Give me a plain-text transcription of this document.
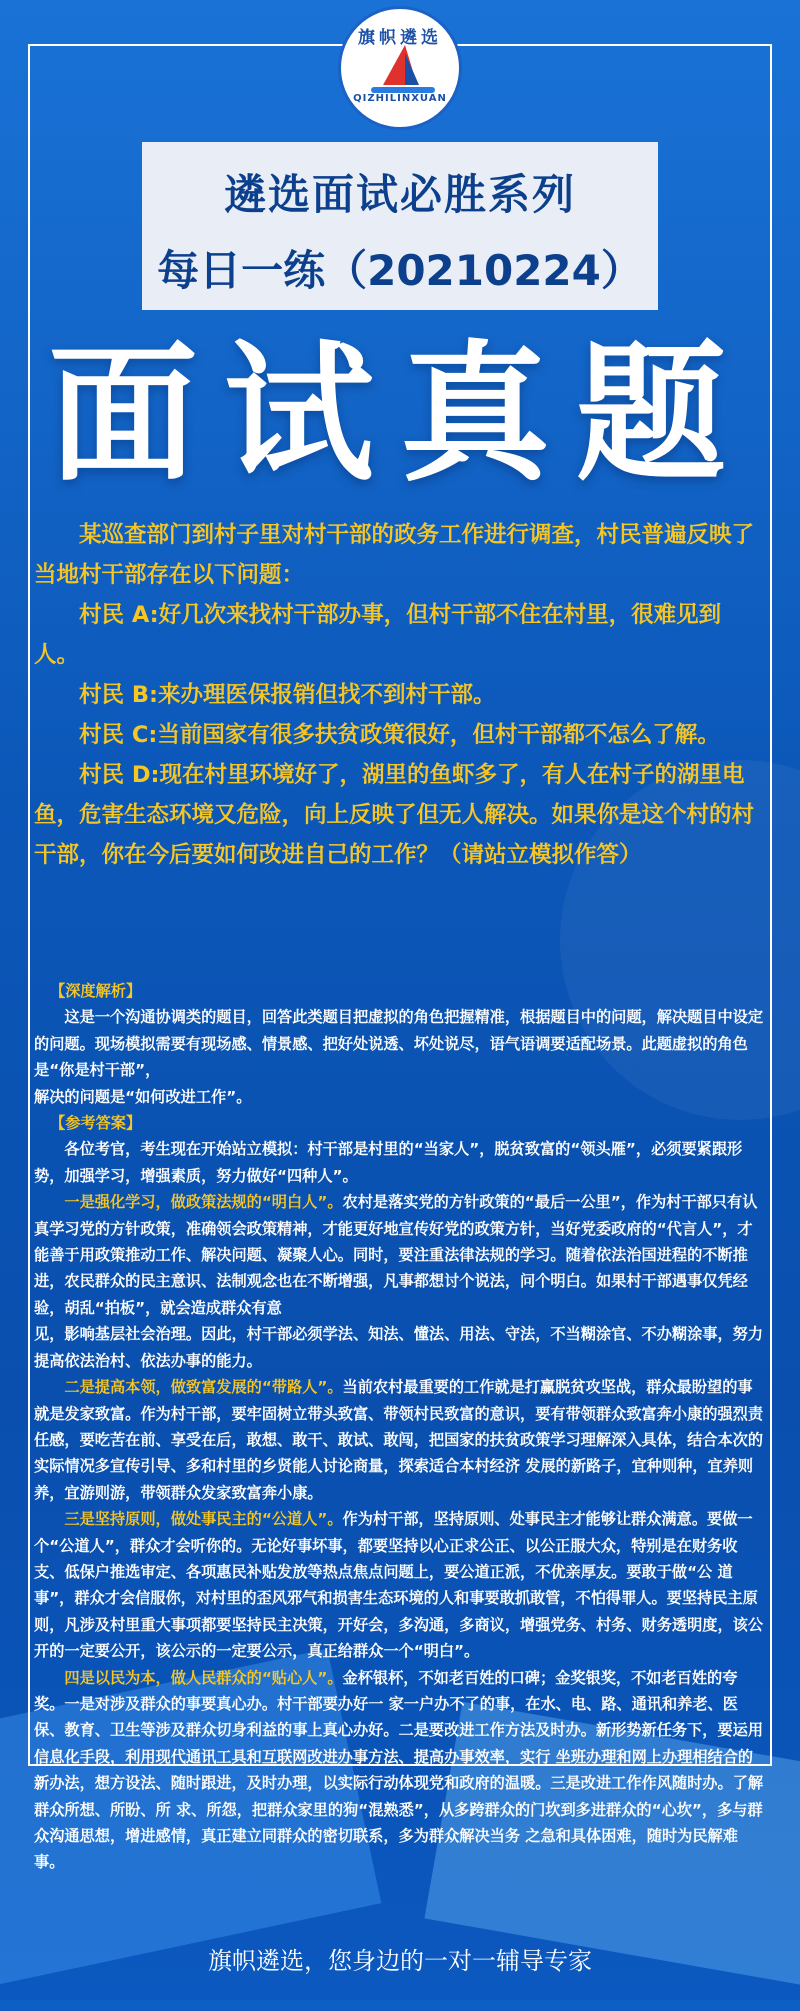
旗帜遴选
QIZHILINXUAN
遴选面试必胜系列
每日一练（20210224）
面试真题

某巡查部门到村子里对村干部的政务工作进行调查，村民普遍反映了当地村干部存在以下问题：

村民 A:好几次来找村干部办事，但村干部不住在村里，很难见到人。

村民 B:来办理医保报销但找不到村干部。

村民 C:当前国家有很多扶贫政策很好，但村干部都不怎么了解。

村民 D:现在村里环境好了，湖里的鱼虾多了，有人在村子的湖里电鱼，危害生态环境又危险，向上反映了但无人解决。如果你是这个村的村干部，你在今后要如何改进自己的工作？（请站立模拟作答）

【深度解析】

这是一个沟通协调类的题目，回答此类题目把虚拟的角色把握精准，根据题目中的问题，解决题目中设定的问题。现场模拟需要有现场感、情景感、把好处说透、坏处说尽，语气语调要适配场景。此题虚拟的角色是“你是村干部”，

解决的问题是“如何改进工作”。

【参考答案】

各位考官，考生现在开始站立模拟：村干部是村里的“当家人”，脱贫致富的“领头雁”，必须要紧跟形势，加强学习，增强素质，努力做好“四种人”。

一是强化学习，做政策法规的“明白人”。农村是落实党的方针政策的“最后一公里”，作为村干部只有认真学习党的方针政策，准确领会政策精神，才能更好地宣传好党的政策方针，当好党委政府的“代言人”，才能善于用政策推动工作、解决问题、凝聚人心。同时，要注重法律法规的学习。随着依法治国进程的不断推进，农民群众的民主意识、法制观念也在不断增强，凡事都想讨个说法，问个明白。如果村干部遇事仅凭经验，胡乱“拍板”，就会造成群众有意

见，影响基层社会治理。因此，村干部必须学法、知法、懂法、用法、守法，不当糊涂官、不办糊涂事，努力提高依法治村、依法办事的能力。

二是提高本领，做致富发展的“带路人”。当前农村最重要的工作就是打赢脱贫攻坚战，群众最盼望的事就是发家致富。作为村干部，要牢固树立带头致富、带领村民致富的意识，要有带领群众致富奔小康的强烈责任感，要吃苦在前、享受在后，敢想、敢干、敢试、敢闯，把国家的扶贫政策学习理解深入具体，结合本次的实际情况多宣传引导、多和村里的乡贤能人讨论商量，探索适合本村经济 发展的新路子，宜种则种，宜养则养，宜游则游，带领群众发家致富奔小康。

三是坚持原则，做处事民主的“公道人”。作为村干部，坚持原则、处事民主才能够让群众满意。要做一个“公道人”，群众才会听你的。无论好事坏事，都要坚持以心正求公正、以公正服大众，特别是在财务收支、低保户推选审定、各项惠民补贴发放等热点焦点问题上，要公道正派，不优亲厚友。要敢于做“公 道事”，群众才会信服你，对村里的歪风邪气和损害生态环境的人和事要敢抓敢管，不怕得罪人。要坚持民主原则，凡涉及村里重大事项都要坚持民主决策，开好会，多沟通，多商议，增强党务、村务、财务透明度，该公开的一定要公开，该公示的一定要公示，真正给群众一个“明白”。

四是以民为本，做人民群众的“贴心人”。金杯银杯，不如老百姓的口碑；金奖银奖，不如老百姓的夸奖。一是对涉及群众的事要真心办。村干部要办好一 家一户办不了的事，在水、电、路、通讯和养老、医保、教育、卫生等涉及群众切身利益的事上真心办好。二是要改进工作方法及时办。新形势新任务下，要运用信息化手段，利用现代通讯工具和互联网改进办事方法、提高办事效率，实行 坐班办理和网上办理相结合的新办法，想方设法、随时跟进，及时办理，以实际行动体现党和政府的温暖。三是改进工作作风随时办。了解群众所想、所盼、所 求、所怨，把群众家里的狗“混熟悉”，从多跨群众的门坎到多进群众的“心坎”，多与群众沟通思想，增进感情，真正建立同群众的密切联系，多为群众解决当务 之急和具体困难，随时为民解难事。

旗帜遴选，您身边的一对一辅导专家
